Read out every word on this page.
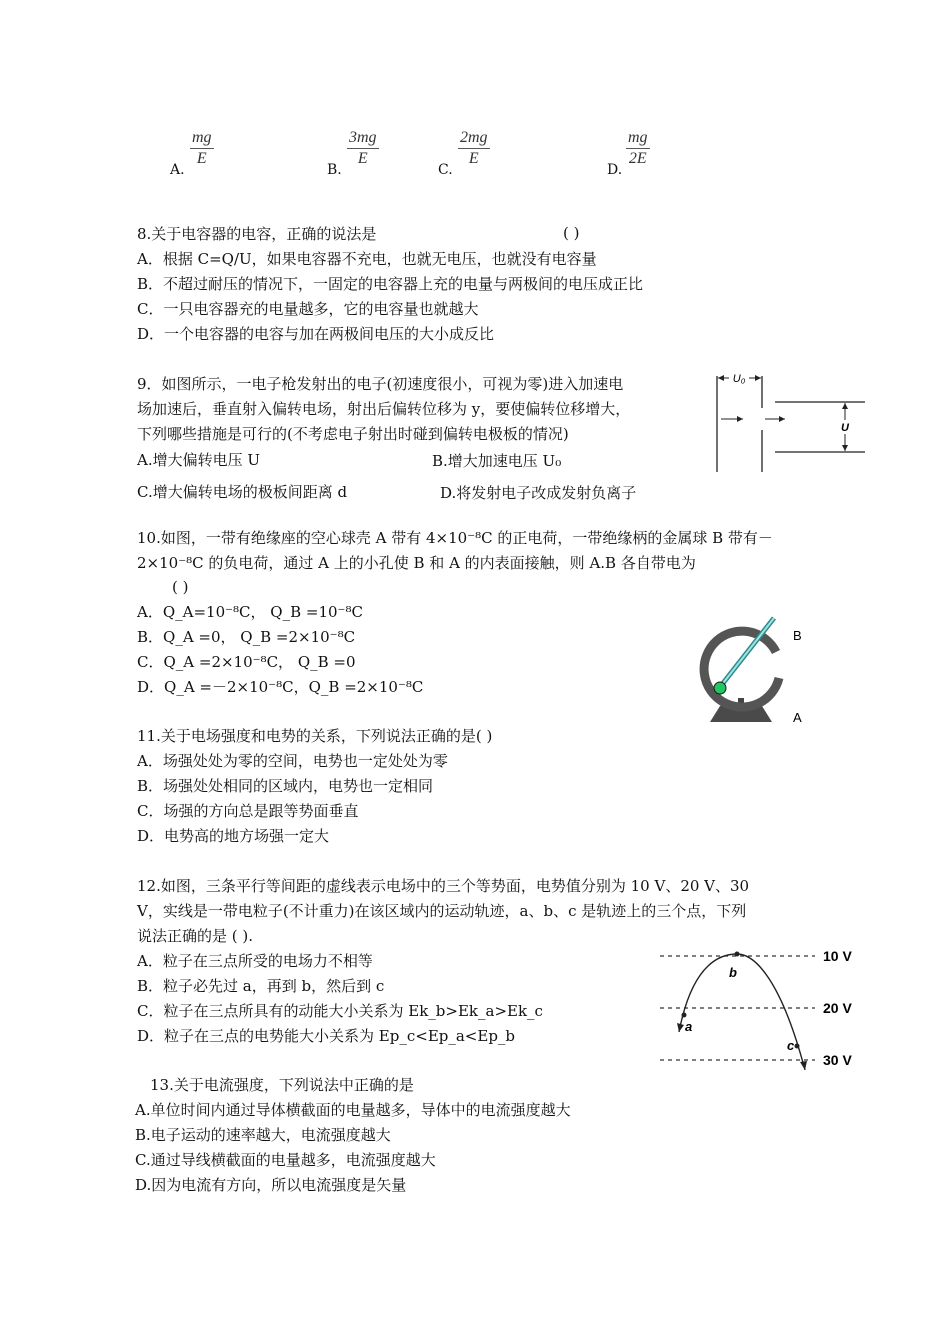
A.
$\frac{mg}{E}$
B.
$\frac{3mg}{E}$
C.
$\frac{2mg}{E}$
D.
$\frac{mg}{2E}$
8.关于电容器的电容，正确的说法是	( )
A．根据 C=Q/U，如果电容器不充电，也就无电压，也就没有电容量
B．不超过耐压的情况下，一固定的电容器上充的电量与两极间的电压成正比
C．一只电容器充的电量越多，它的电容量也就越大
D．一个电容器的电容与加在两极间电压的大小成反比
9．如图所示，一电子枪发射出的电子(初速度很小，可视为零)进入加速电
场加速后，垂直射入偏转电场，射出后偏转位移为 y，要使偏转位移增大，
下列哪些措施是可行的(不考虑电子射出时碰到偏转电极板的情况)
A.增大偏转电压 U	B.增大加速电压 U₀
C.增大偏转电场的极板间距离 d	D.将发射电子改成发射负离子
U₀
U
10.如图，一带有绝缘座的空心球壳 A 带有 4×10⁻⁸C 的正电荷，一带绝缘柄的金属球 B 带有－
2×10⁻⁸C 的负电荷，通过 A 上的小孔使 B 和 A 的内表面接触，则 A.B 各自带电为
( )
A．Q_A=10⁻⁸C， Q_B =10⁻⁸C
B．Q_A =0， Q_B =2×10⁻⁸C
C．Q_A =2×10⁻⁸C， Q_B =0
D．Q_A =－2×10⁻⁸C，Q_B =2×10⁻⁸C
B
A
11.关于电场强度和电势的关系，下列说法正确的是( )
A．场强处处为零的空间，电势也一定处处为零
B．场强处处相同的区域内，电势也一定相同
C．场强的方向总是跟等势面垂直
D．电势高的地方场强一定大
12.如图，三条平行等间距的虚线表示电场中的三个等势面，电势值分别为 10 V、20 V、30
V，实线是一带电粒子(不计重力)在该区域内的运动轨迹，a、b、c 是轨迹上的三个点，下列
说法正确的是 ( ).
A．粒子在三点所受的电场力不相等
B．粒子必先过 a，再到 b，然后到 c
C．粒子在三点所具有的动能大小关系为 Ek_b>Ek_a>Ek_c
D．粒子在三点的电势能大小关系为 Ep_c<Ep_a<Ep_b
10 V
20 V
30 V
a
b
c
13.关于电流强度，下列说法中正确的是
A.单位时间内通过导体横截面的电量越多，导体中的电流强度越大
B.电子运动的速率越大，电流强度越大
C.通过导线横截面的电量越多，电流强度越大
D.因为电流有方向，所以电流强度是矢量
